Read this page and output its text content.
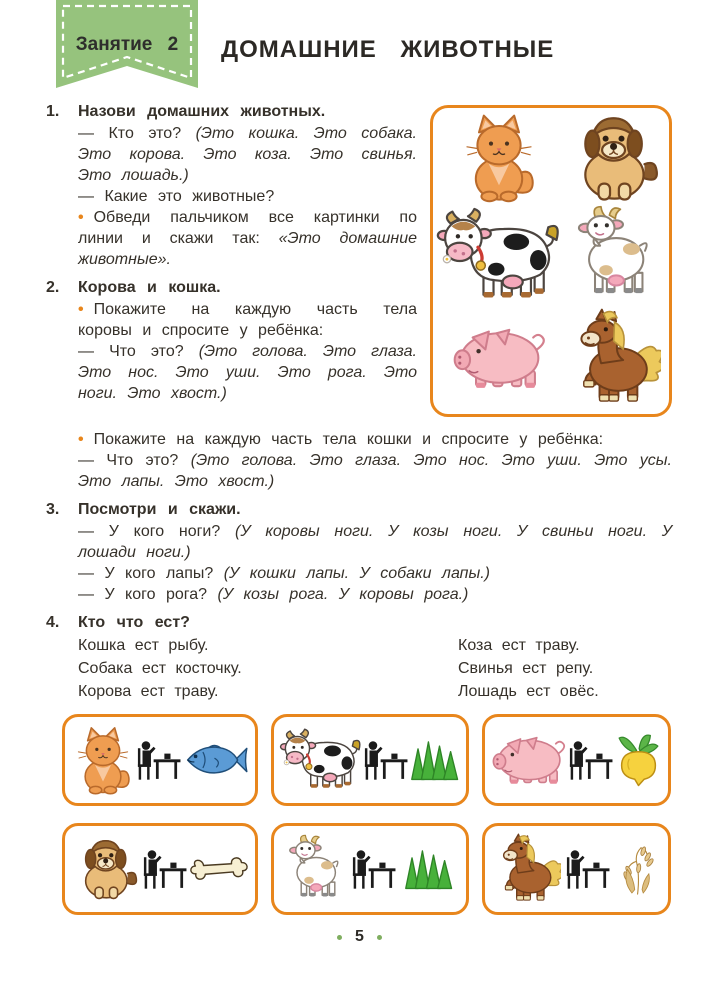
Занятие 2	ДОМАШНИЕ ЖИВОТНЫЕ
1. Назови домашних животных.

— Кто это? (Это кошка. Это собака. Это корова. Это коза. Это свинья. Это лошадь.)

— Какие это животные?

• Обведи пальчиком все картинки по линии и скажи так: «Это домашние животные».

2. Корова и кошка.

• Покажите на каждую часть тела коровы и спросите у ребёнка:

— Что это? (Это голова. Это глаза. Это нос. Это уши. Это рога. Это ноги. Это хвост.)

• Покажите на каждую часть тела кошки и спросите у ребёнка:

— Что это? (Это голова. Это глаза. Это нос. Это уши. Это усы. Это лапы. Это хвост.)

3. Посмотри и скажи.

— У кого ноги? (У коровы ноги. У козы ноги. У свиньи ноги. У лошади ноги.)

— У кого лапы? (У кошки лапы. У собаки лапы.)

— У кого рога? (У козы рога. У коровы рога.)

4. Кто что ест?

Кошка ест рыбу.

Собака ест косточку.

Корова ест траву.

Коза ест траву.

Свинья ест репу.

Лошадь ест овёс.

5
